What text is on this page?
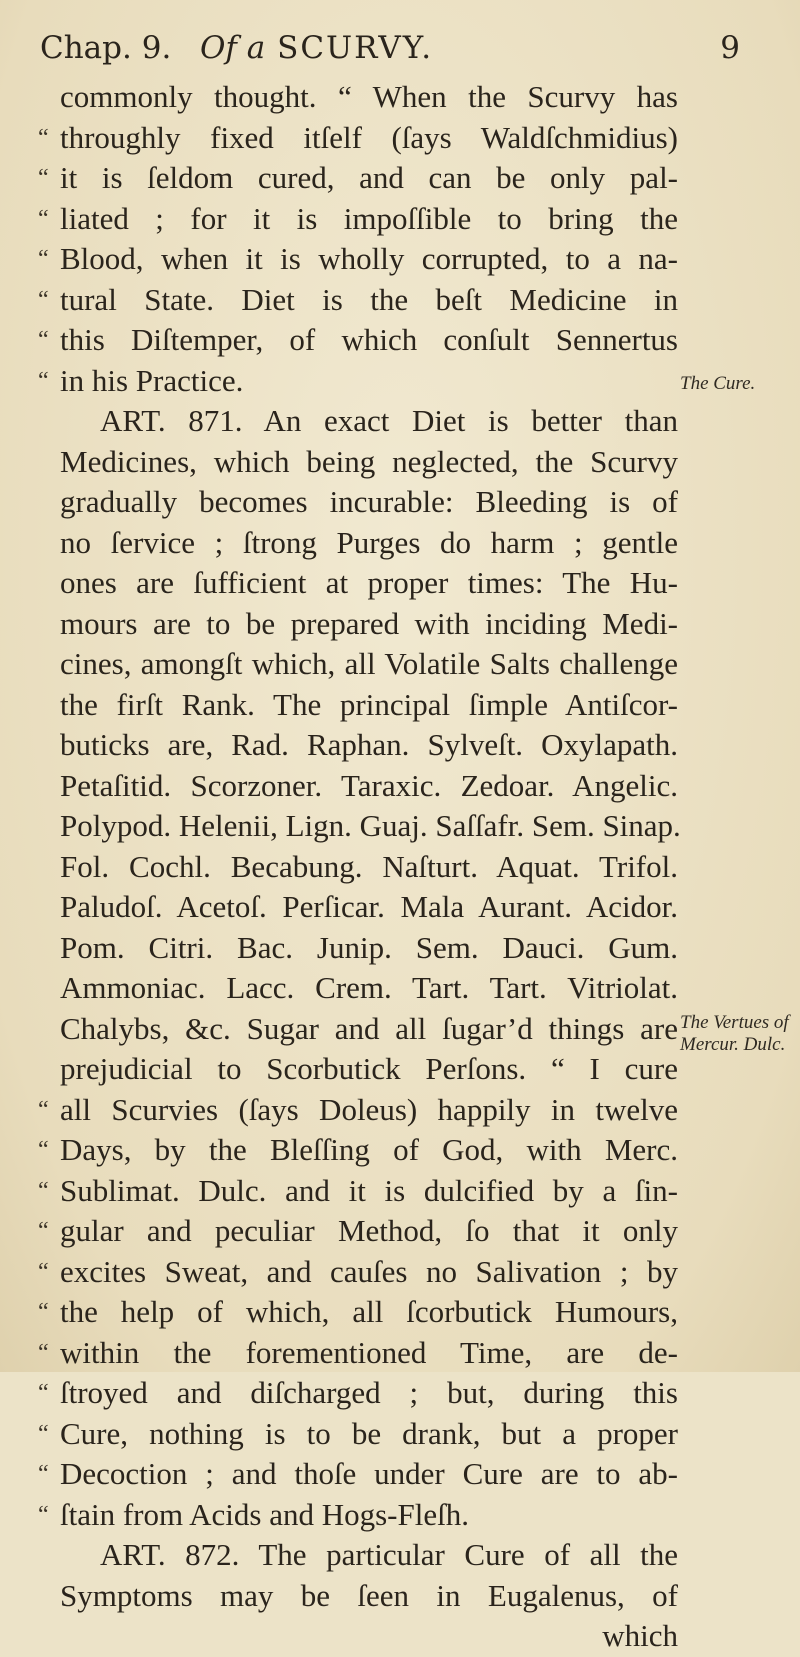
Chap. 9. Of a SCURVY.	9
commonly thought. “ When the Scurvy has
“ throughly fixed itſelf (ſays Waldſchmidius)
“ it is ſeldom cured, and can be only pal-
“ liated ; for it is impoſſible to bring the
“ Blood, when it is wholly corrupted, to a na-
“ tural State. Diet is the beſt Medicine in
“ this Diſtemper, of which conſult Sennertus
“ in his Practice.
ART. 871. An exact Diet is better than
Medicines, which being neglected, the Scurvy
gradually becomes incurable: Bleeding is of
no ſervice ; ſtrong Purges do harm ; gentle
ones are ſufficient at proper times: The Hu-
mours are to be prepared with inciding Medi-
cines, amongſt which, all Volatile Salts challenge
the firſt Rank. The principal ſimple Antiſcor-
buticks are, Rad. Raphan. Sylveſt. Oxylapath.
Petaſitid. Scorzoner. Taraxic. Zedoar. Angelic.
Polypod. Helenii, Lign. Guaj. Saſſafr. Sem. Sinap.
Fol. Cochl. Becabung. Naſturt. Aquat. Trifol.
Paludoſ. Acetoſ. Perſicar. Mala Aurant. Acidor.
Pom. Citri. Bac. Junip. Sem. Dauci. Gum.
Ammoniac. Lacc. Crem. Tart. Tart. Vitriolat.
Chalybs, &c. Sugar and all ſugar’d things are
prejudicial to Scorbutick Perſons. “ I cure
“ all Scurvies (ſays Doleus) happily in twelve
“ Days, by the Bleſſing of God, with Merc.
“ Sublimat. Dulc. and it is dulcified by a ſin-
“ gular and peculiar Method, ſo that it only
“ excites Sweat, and cauſes no Salivation ; by
“ the help of which, all ſcorbutick Humours,
“ within the forementioned Time, are de-
“ ſtroyed and diſcharged ; but, during this
“ Cure, nothing is to be drank, but a proper
“ Decoction ; and thoſe under Cure are to ab-
“ ſtain from Acids and Hogs-Fleſh.
ART. 872. The particular Cure of all the
Symptoms may be ſeen in Eugalenus, of
which
The Cure.
The Vertues of
Mercur. Dulc.
